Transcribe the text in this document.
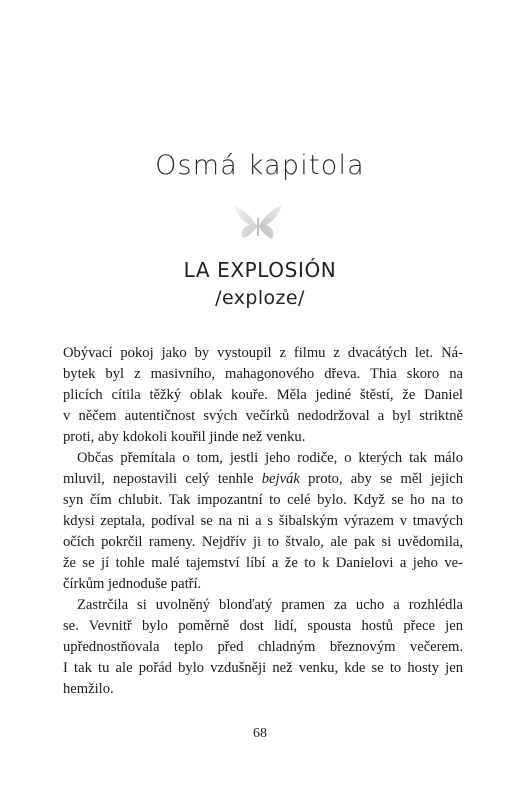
Osmá kapitola
LA EXPLOSIÓN
/exploze/
Obývací pokoj jako by vystoupil z filmu z dvacátých let. Ná-
bytek byl z masivního, mahagonového dřeva. Thia skoro na
plicích cítila těžký oblak kouře. Měla jediné štěstí, že Daniel
v něčem autentičnost svých večírků nedodržoval a byl striktně
proti, aby kdokoli kouřil jinde než venku.
Občas přemítala o tom, jestli jeho rodiče, o kterých tak málo
mluvil, nepostavili celý tenhle bejvák proto, aby se měl jejich
syn čím chlubit. Tak impozantní to celé bylo. Když se ho na to
kdysi zeptala, podíval se na ni a s šibalským výrazem v tmavých
očích pokrčil rameny. Nejdřív ji to štvalo, ale pak si uvědomila,
že se jí tohle malé tajemství líbí a že to k Danielovi a jeho ve-
čírkům jednoduše patří.
Zastrčila si uvolněný blonďatý pramen za ucho a rozhlédla
se. Vevnitř bylo poměrně dost lidí, spousta hostů přece jen
upřednostňovala teplo před chladným březnovým večerem.
I tak tu ale pořád bylo vzdušněji než venku, kde se to hosty jen
hemžilo.
68
